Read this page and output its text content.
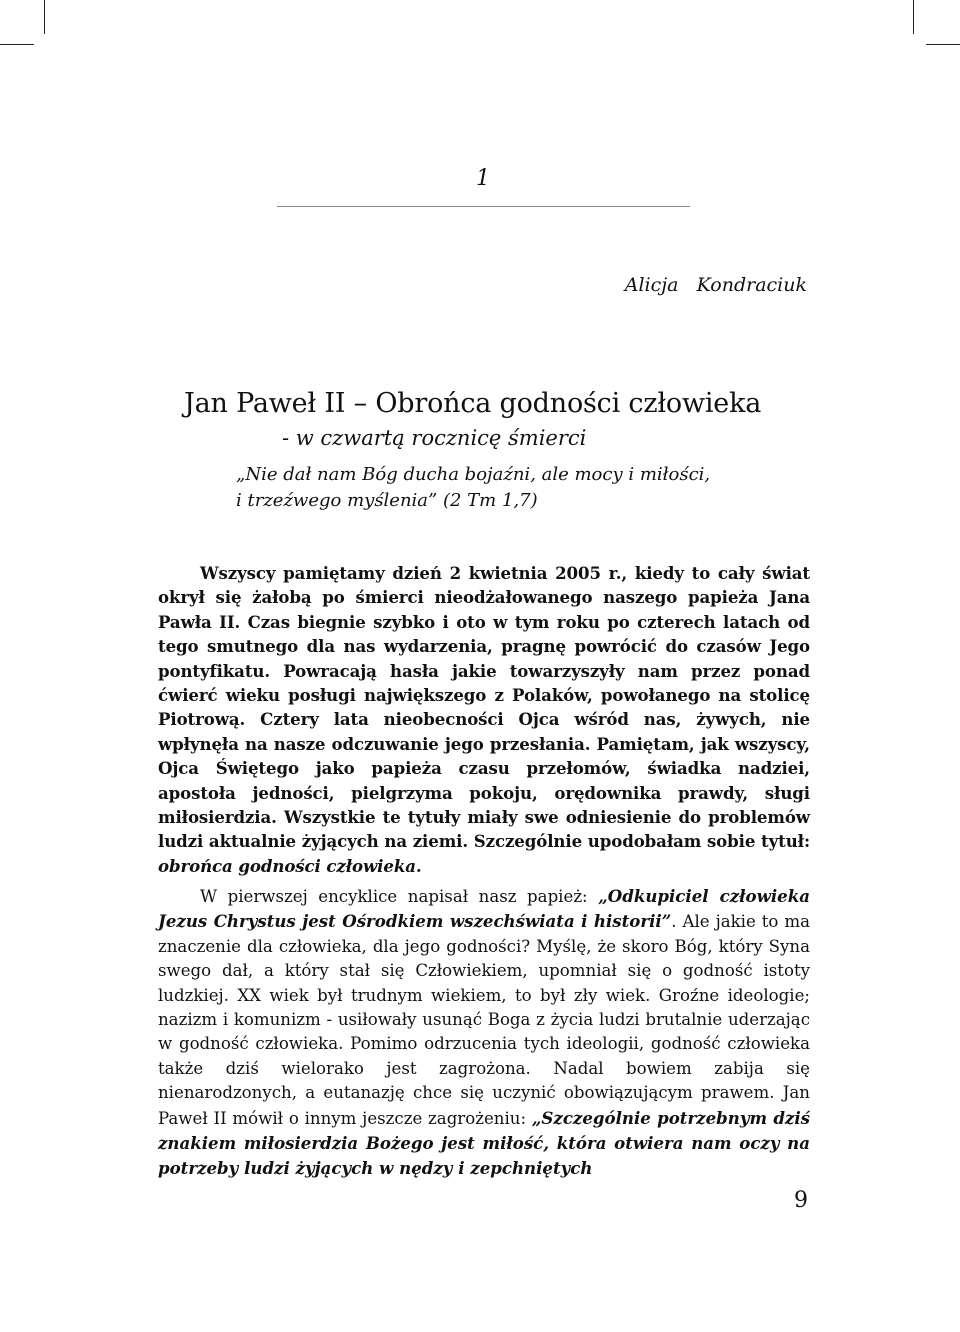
1
Alicja   Kondraciuk
Jan Paweł II – Obrońca godności człowieka
- w czwartą rocznicę śmierci
„Nie dał nam Bóg ducha bojaźni, ale mocy i miłości,
i trzeźwego myślenia” (2 Tm 1,7)
Wszyscy pamiętamy dzień 2 kwietnia 2005 r., kiedy to cały świat okrył się żałobą po śmierci nieodżałowanego naszego papieża Jana Pawła II. Czas biegnie szybko i oto w tym roku po czterech latach od tego smutnego dla nas wydarzenia, pragnę powrócić do czasów Jego pontyfikatu. Powracają hasła jakie towarzyszyły nam przez ponad ćwierć wieku posługi największego z Polaków, powołanego na stolicę Piotrową. Cztery lata nieobecności Ojca wśród nas, żywych, nie wpłynęła na nasze odczuwanie jego przesłania. Pamiętam, jak wszyscy, Ojca Świętego jako papieża czasu przełomów, świadka nadziei, apostoła jedności, pielgrzyma pokoju, orędownika prawdy, sługi miłosierdzia. Wszystkie te tytuły miały swe odniesienie do problemów ludzi aktualnie żyjących na ziemi. Szczególnie upodobałam sobie tytuł: obrońca godności człowieka.
W pierwszej encyklice napisał nasz papież: „Odkupiciel człowieka Jezus Chrystus jest Ośrodkiem wszechświata i historii”. Ale jakie to ma znaczenie dla człowieka, dla jego godności? Myślę, że skoro Bóg, który Syna swego dał, a który stał się Człowiekiem, upomniał się o godność istoty ludzkiej. XX wiek był trudnym wiekiem, to był zły wiek. Groźne ideologie; nazizm i komunizm - usiłowały usunąć Boga z życia ludzi brutalnie uderzając w godność człowieka. Pomimo odrzucenia tych ideologii, godność człowieka także dziś wielorako jest zagrożona. Nadal bowiem zabija się nienarodzonych, a eutanazję chce się uczynić obowiązującym prawem. Jan Paweł II mówił o innym jeszcze zagrożeniu: „Szczególnie potrzebnym dziś znakiem miłosierdzia Bożego jest miłość, która otwiera nam oczy na potrzeby ludzi żyjących w nędzy i zepchniętych
9
